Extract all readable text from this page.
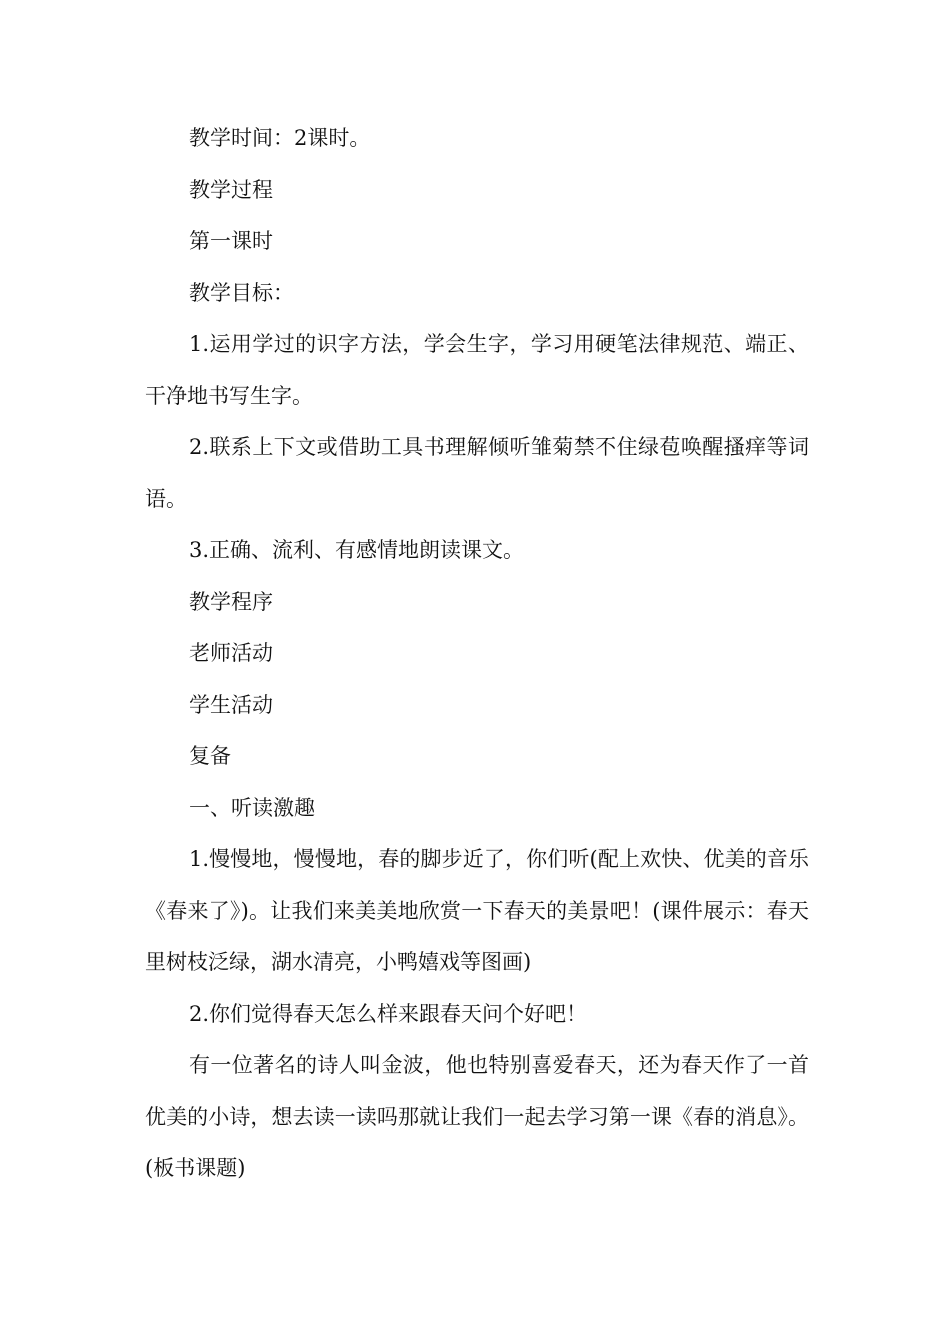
教学时间：2课时。

教学过程

第一课时

教学目标：

1.运用学过的识字方法，学会生字，学习用硬笔法律规范、端正、干净地书写生字。

2.联系上下文或借助工具书理解倾听雏菊禁不住绿苞唤醒搔痒等词语。

3.正确、流利、有感情地朗读课文。

教学程序

老师活动

学生活动

复备

一、听读激趣

1.慢慢地，慢慢地，春的脚步近了，你们听(配上欢快、优美的音乐《春来了》)。让我们来美美地欣赏一下春天的美景吧！(课件展示：春天里树枝泛绿，湖水清亮，小鸭嬉戏等图画)

2.你们觉得春天怎么样来跟春天问个好吧！

有一位著名的诗人叫金波，他也特别喜爱春天，还为春天作了一首优美的小诗，想去读一读吗那就让我们一起去学习第一课《春的消息》。(板书课题)
